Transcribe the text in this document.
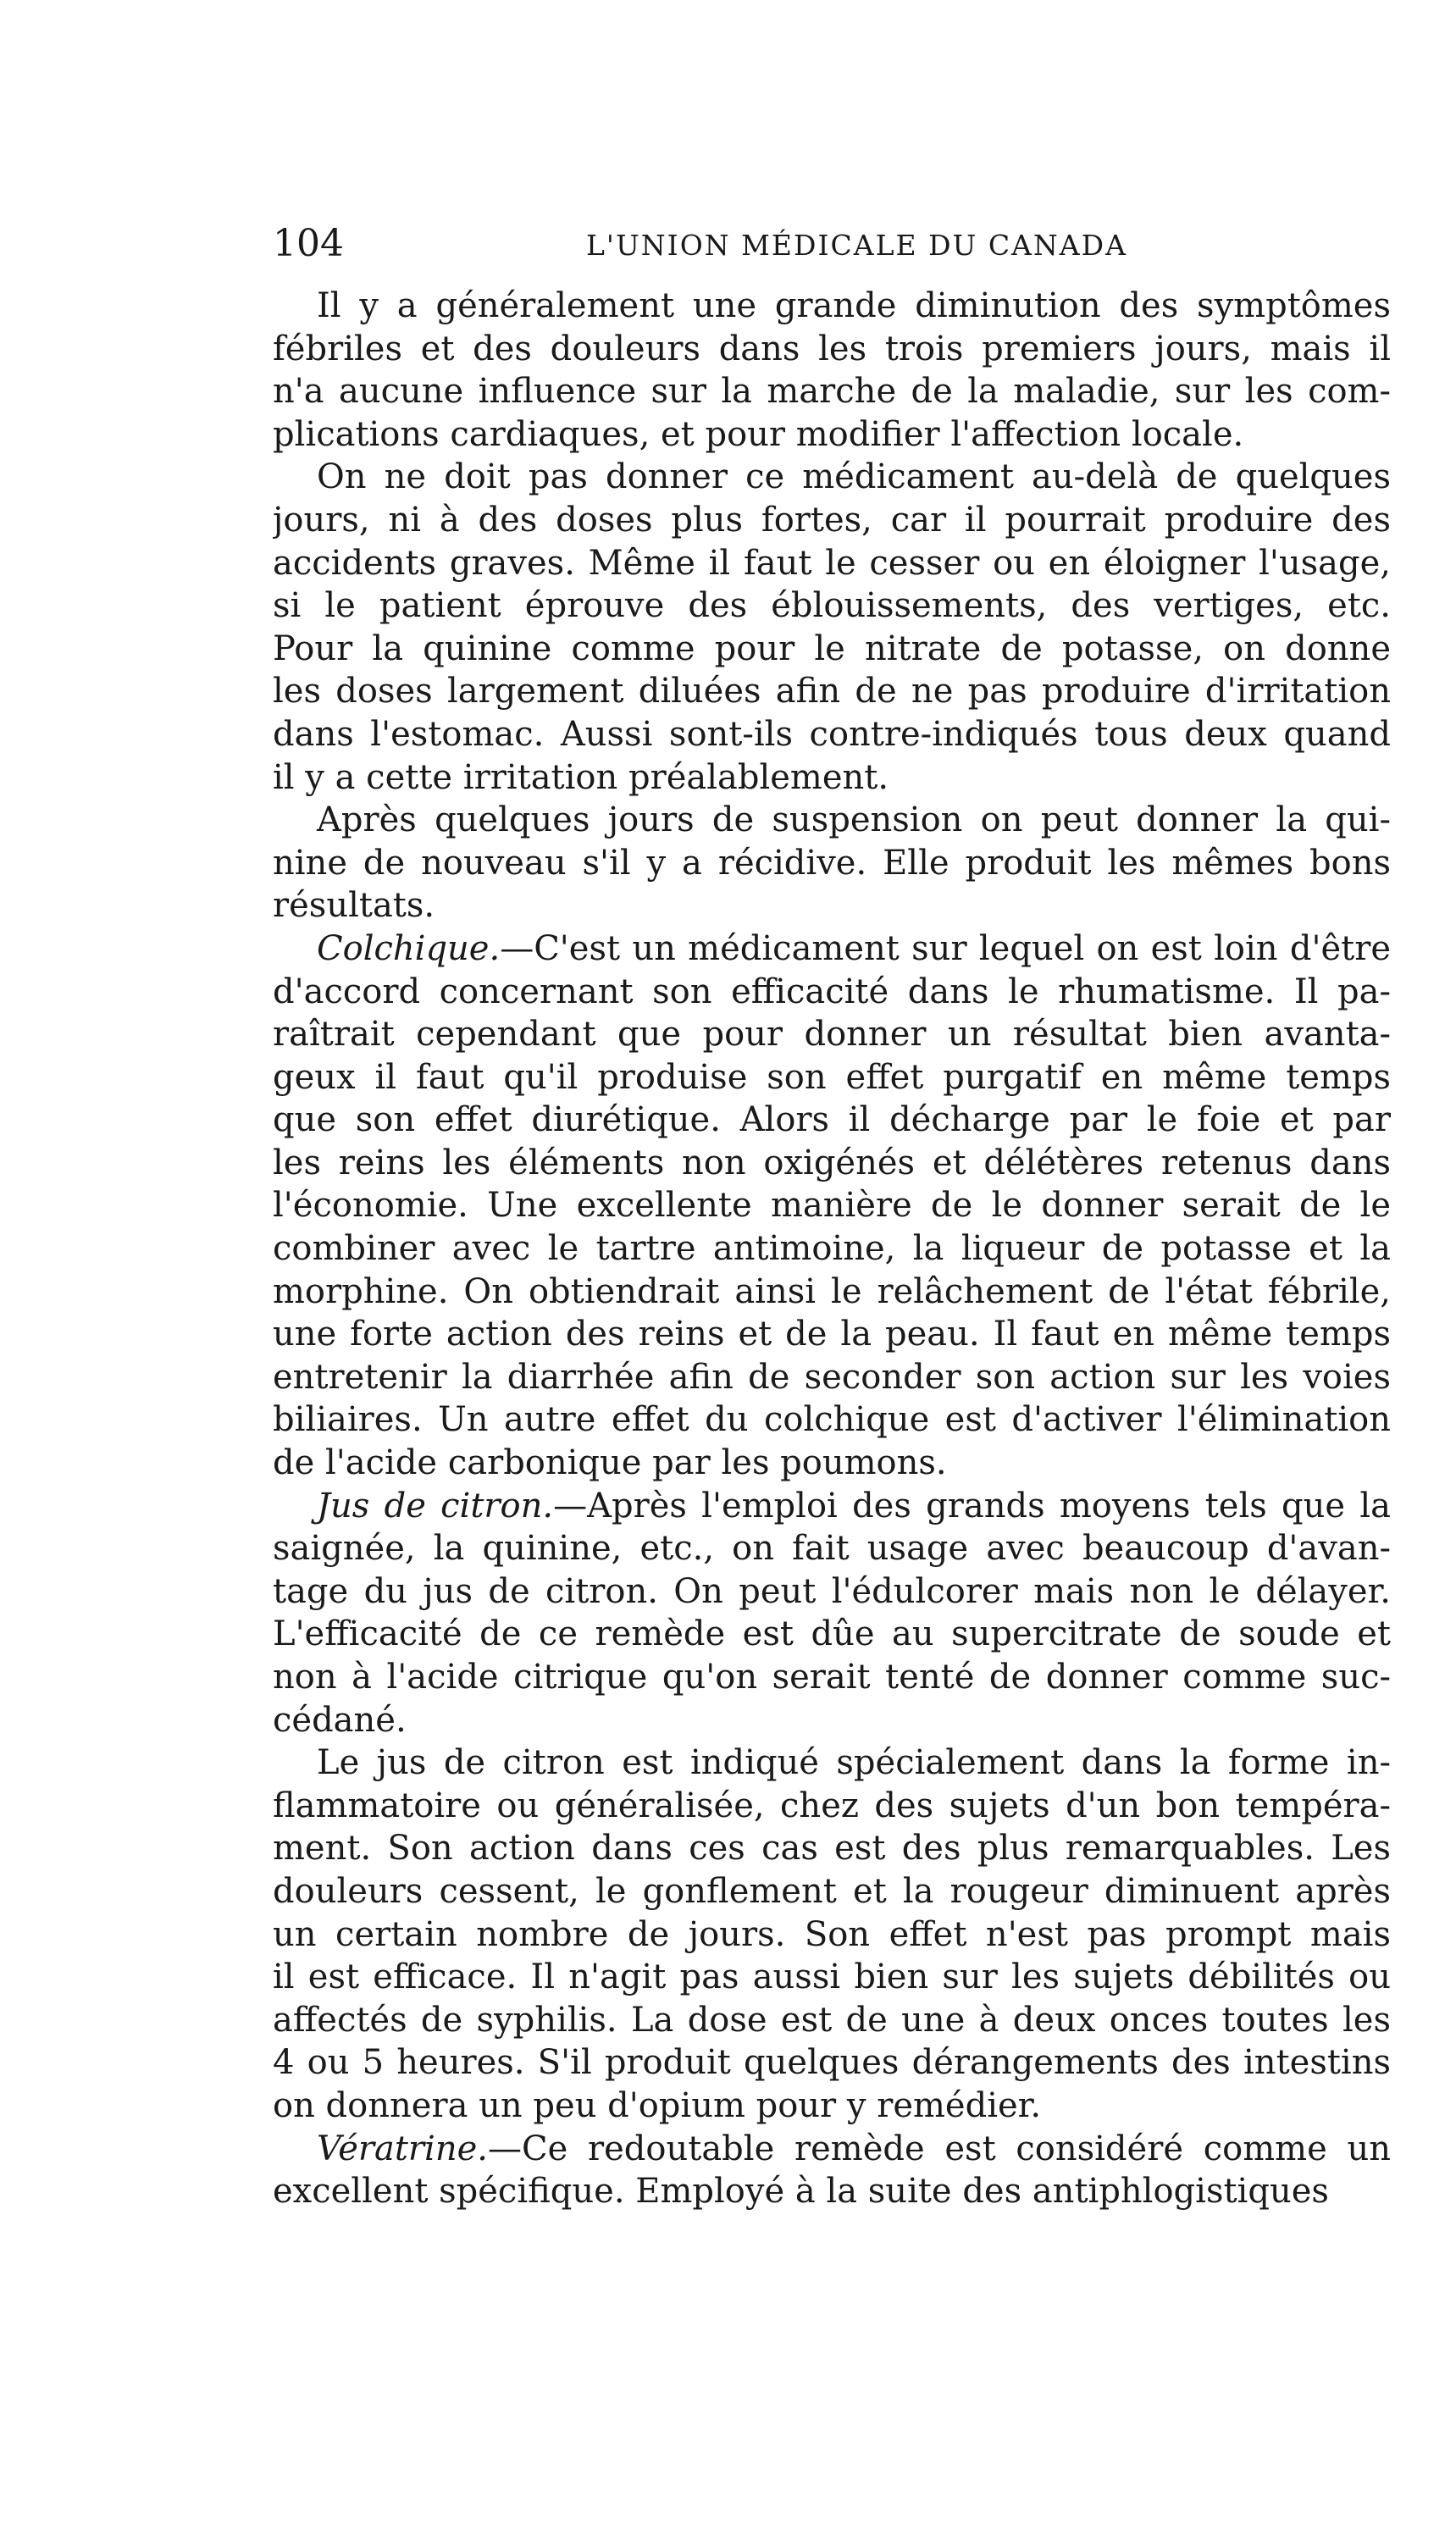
104	L'UNION MÉDICALE DU CANADA
Il y a généralement une grande diminution des symptômes
fébriles et des douleurs dans les trois premiers jours, mais il
n'a aucune influence sur la marche de la maladie, sur les com-
plications cardiaques, et pour modifier l'affection locale.
On ne doit pas donner ce médicament au-delà de quelques
jours, ni à des doses plus fortes, car il pourrait produire des
accidents graves. Même il faut le cesser ou en éloigner l'usage,
si le patient éprouve des éblouissements, des vertiges, etc.
Pour la quinine comme pour le nitrate de potasse, on donne
les doses largement diluées afin de ne pas produire d'irritation
dans l'estomac. Aussi sont-ils contre-indiqués tous deux quand
il y a cette irritation préalablement.
Après quelques jours de suspension on peut donner la qui-
nine de nouveau s'il y a récidive. Elle produit les mêmes bons
résultats.
Colchique.—C'est un médicament sur lequel on est loin d'être
d'accord concernant son efficacité dans le rhumatisme. Il pa-
raîtrait cependant que pour donner un résultat bien avanta-
geux il faut qu'il produise son effet purgatif en même temps
que son effet diurétique. Alors il décharge par le foie et par
les reins les éléments non oxigénés et délétères retenus dans
l'économie. Une excellente manière de le donner serait de le
combiner avec le tartre antimoine, la liqueur de potasse et la
morphine. On obtiendrait ainsi le relâchement de l'état fébrile,
une forte action des reins et de la peau. Il faut en même temps
entretenir la diarrhée afin de seconder son action sur les voies
biliaires. Un autre effet du colchique est d'activer l'élimination
de l'acide carbonique par les poumons.
Jus de citron.—Après l'emploi des grands moyens tels que la
saignée, la quinine, etc., on fait usage avec beaucoup d'avan-
tage du jus de citron. On peut l'édulcorer mais non le délayer.
L'efficacité de ce remède est dûe au supercitrate de soude et
non à l'acide citrique qu'on serait tenté de donner comme suc-
cédané.
Le jus de citron est indiqué spécialement dans la forme in-
flammatoire ou généralisée, chez des sujets d'un bon tempéra-
ment. Son action dans ces cas est des plus remarquables. Les
douleurs cessent, le gonflement et la rougeur diminuent après
un certain nombre de jours. Son effet n'est pas prompt mais
il est efficace. Il n'agit pas aussi bien sur les sujets débilités ou
affectés de syphilis. La dose est de une à deux onces toutes les
4 ou 5 heures. S'il produit quelques dérangements des intestins
on donnera un peu d'opium pour y remédier.
Vératrine.—Ce redoutable remède est considéré comme un
excellent spécifique. Employé à la suite des antiphlogistiques
